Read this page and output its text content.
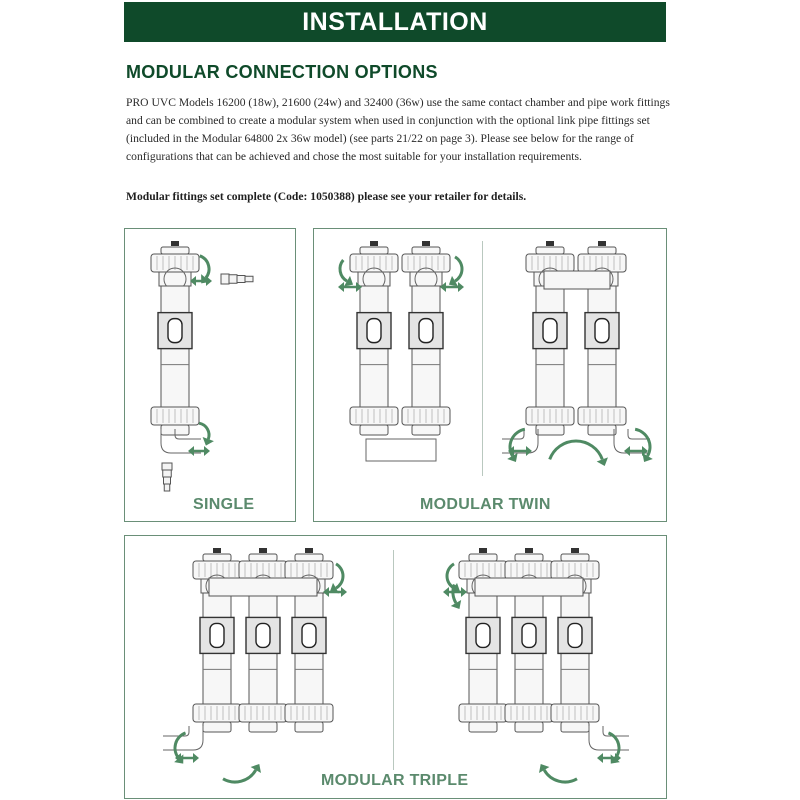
INSTALLATION
MODULAR CONNECTION OPTIONS
PRO UVC Models 16200 (18w), 21600 (24w) and 32400 (36w) use the same contact chamber and pipe work fittings and can be combined to create a modular system when used in conjunction with the optional link pipe fittings set (included in the Modular 64800 2x 36w model) (see parts 21/22 on page 3). Please see below for the range of configurations that can be achieved and chose the most suitable for your installation requirements.
Modular fittings set complete (Code: 1050388) please see your retailer for details.
SINGLE	MODULAR TWIN
MODULAR TRIPLE
